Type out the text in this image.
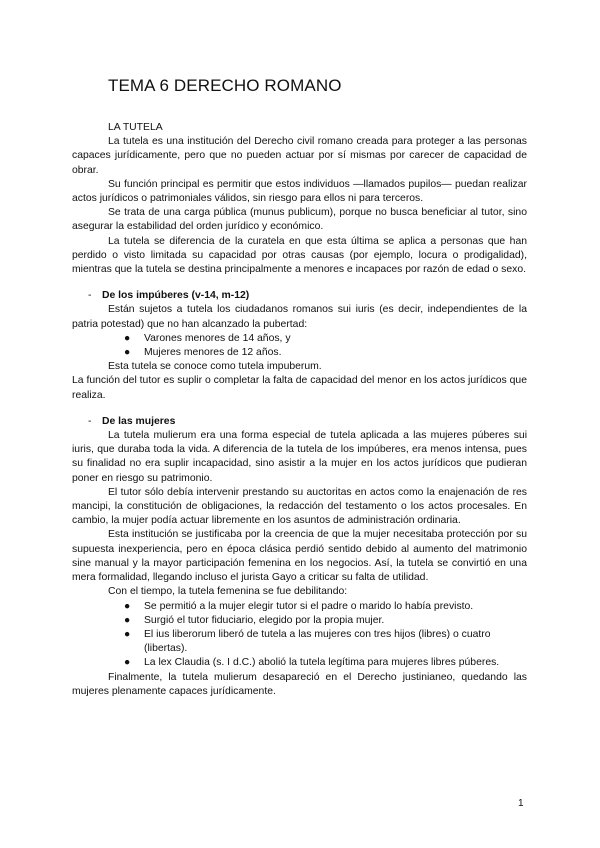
TEMA 6 DERECHO ROMANO

LA TUTELA

La tutela es una institución del Derecho civil romano creada para proteger a las personas capaces jurídicamente, pero que no pueden actuar por sí mismas por carecer de capacidad de obrar.

Su función principal es permitir que estos individuos —llamados pupilos— puedan realizar actos jurídicos o patrimoniales válidos, sin riesgo para ellos ni para terceros.

Se trata de una carga pública (munus publicum), porque no busca beneficiar al tutor, sino asegurar la estabilidad del orden jurídico y económico.

La tutela se diferencia de la curatela en que esta última se aplica a personas que han perdido o visto limitada su capacidad por otras causas (por ejemplo, locura o prodigalidad), mientras que la tutela se destina principalmente a menores e incapaces por razón de edad o sexo.

-	De los impúberes (v-14, m-12)

Están sujetos a tutela los ciudadanos romanos sui iuris (es decir, independientes de la patria potestad) que no han alcanzado la pubertad:

● Varones menores de 14 años, y
● Mujeres menores de 12 años.

Esta tutela se conoce como tutela impuberum.

La función del tutor es suplir o completar la falta de capacidad del menor en los actos jurídicos que realiza.

-	De las mujeres

La tutela mulierum era una forma especial de tutela aplicada a las mujeres púberes sui iuris, que duraba toda la vida. A diferencia de la tutela de los impúberes, era menos intensa, pues su finalidad no era suplir incapacidad, sino asistir a la mujer en los actos jurídicos que pudieran poner en riesgo su patrimonio.

El tutor sólo debía intervenir prestando su auctoritas en actos como la enajenación de res mancipi, la constitución de obligaciones, la redacción del testamento o los actos procesales. En cambio, la mujer podía actuar libremente en los asuntos de administración ordinaria.

Esta institución se justificaba por la creencia de que la mujer necesitaba protección por su supuesta inexperiencia, pero en época clásica perdió sentido debido al aumento del matrimonio sine manual y la mayor participación femenina en los negocios. Así, la tutela se convirtió en una mera formalidad, llegando incluso el jurista Gayo a criticar su falta de utilidad.

Con el tiempo, la tutela femenina se fue debilitando:

● Se permitió a la mujer elegir tutor si el padre o marido lo había previsto.
● Surgió el tutor fiduciario, elegido por la propia mujer.
● El ius liberorum liberó de tutela a las mujeres con tres hijos (libres) o cuatro (libertas).
● La lex Claudia (s. I d.C.) abolió la tutela legítima para mujeres libres púberes.

Finalmente, la tutela mulierum desapareció en el Derecho justinianeo, quedando las mujeres plenamente capaces jurídicamente.

1
